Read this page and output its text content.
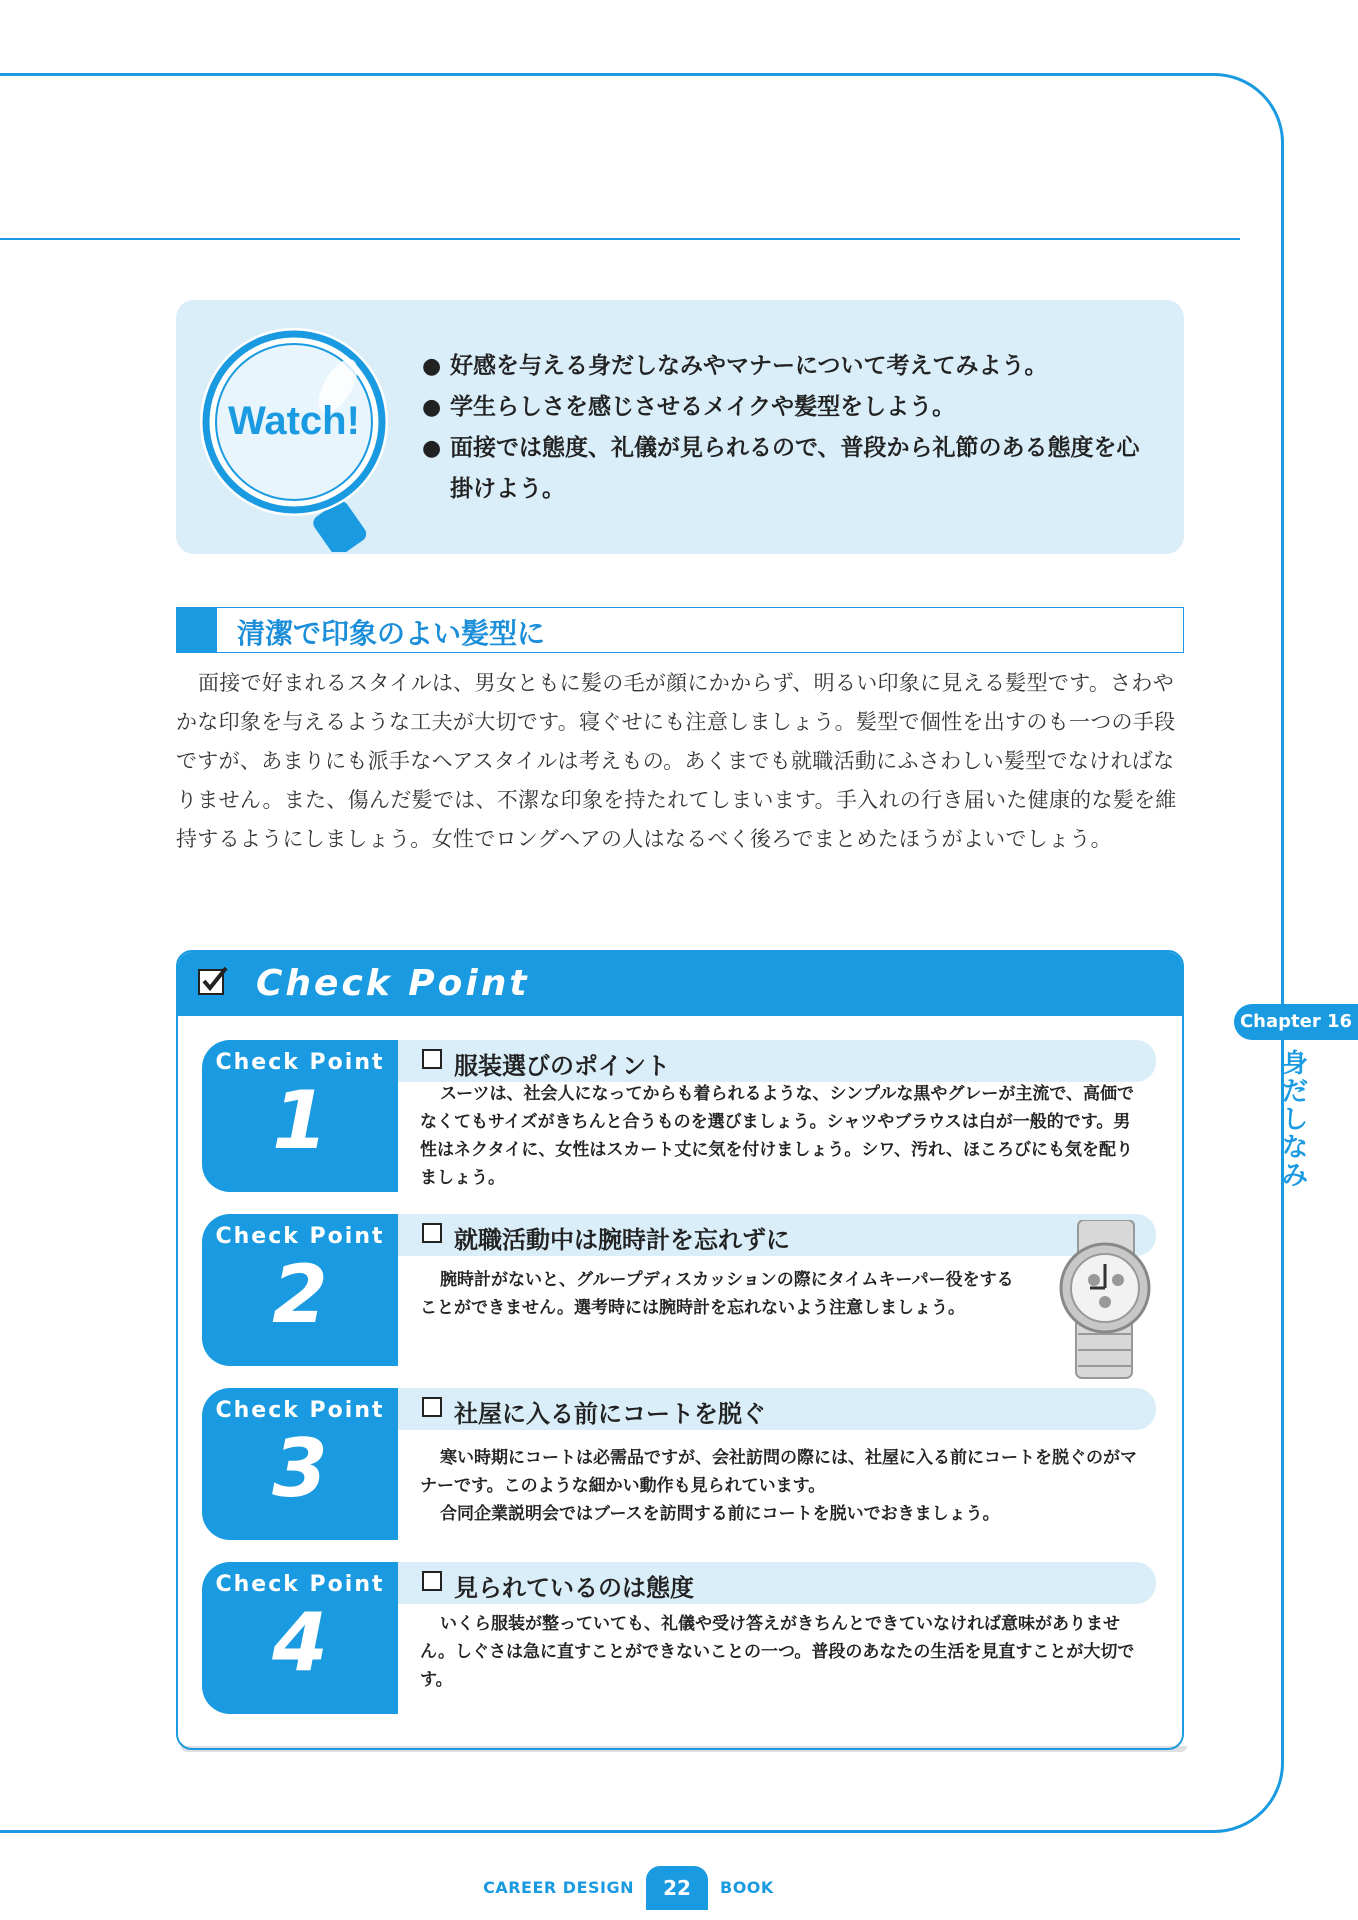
Watch!
●
好感を与える身だしなみやマナーについて考えてみよう。
●
学生らしさを感じさせるメイクや髪型をしよう。
●
面接では態度、礼儀が見られるので、普段から礼節のある態度を心掛けよう。
清潔で印象のよい髪型に

面接で好まれるスタイルは、男女ともに髪の毛が顔にかからず、明るい印象に見える髪型です。さわやかな印象を与えるような工夫が大切です。寝ぐせにも注意しましょう。髪型で個性を出すのも一つの手段ですが、あまりにも派手なヘアスタイルは考えもの。あくまでも就職活動にふさわしい髪型でなければなりません。また、傷んだ髪では、不潔な印象を持たれてしまいます。手入れの行き届いた健康的な髪を維持するようにしましょう。女性でロングヘアの人はなるべく後ろでまとめたほうがよいでしょう。

Check Point
Check Point
1
服装選びのポイント

スーツは、社会人になってからも着られるような、シンプルな黒やグレーが主流で、高価でなくてもサイズがきちんと合うものを選びましょう。シャツやブラウスは白が一般的です。男性はネクタイに、女性はスカート丈に気を付けましょう。シワ、汚れ、ほころびにも気を配りましょう。

Check Point
2
就職活動中は腕時計を忘れずに

腕時計がないと、グループディスカッションの際にタイムキーパー役をすることができません。選考時には腕時計を忘れないよう注意しましょう。

Check Point
3
社屋に入る前にコートを脱ぐ

寒い時期にコートは必需品ですが、会社訪問の際には、社屋に入る前にコートを脱ぐのがマナーです。このような細かい動作も見られています。
合同企業説明会ではブースを訪問する前にコートを脱いでおきましょう。

Check Point
4
見られているのは態度

いくら服装が整っていても、礼儀や受け答えがきちんとできていなければ意味がありません。しぐさは急に直すことができないことの一つ。普段のあなたの生活を見直すことが大切です。

Chapter 16
身
だ
し
な
み
CAREER DESIGN	22	BOOK
